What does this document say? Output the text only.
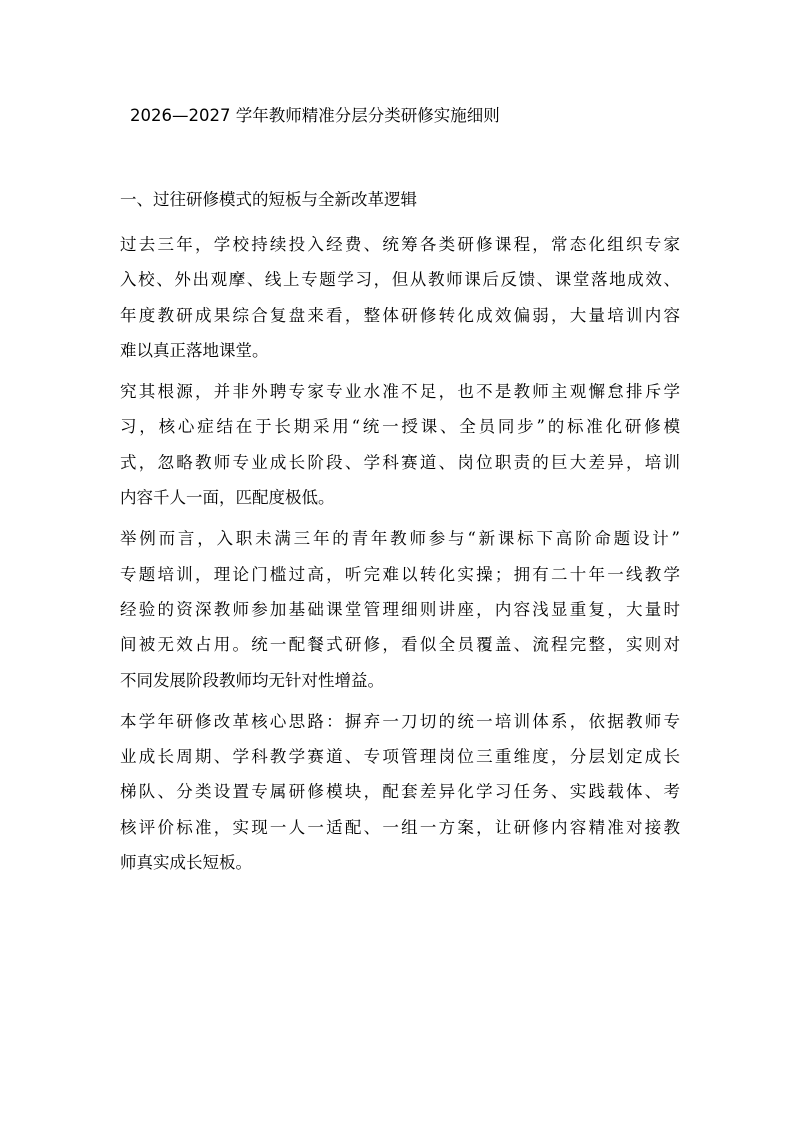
2026—2027 学年教师精准分层分类研修实施细则
一、过往研修模式的短板与全新改革逻辑

过去三年，学校持续投入经费、统筹各类研修课程，常态化组织专家
入校、外出观摩、线上专题学习，但从教师课后反馈、课堂落地成效、
年度教研成果综合复盘来看，整体研修转化成效偏弱，大量培训内容
难以真正落地课堂。

究其根源，并非外聘专家专业水准不足，也不是教师主观懈怠排斥学
习，核心症结在于长期采用“统一授课、全员同步”的标准化研修模
式，忽略教师专业成长阶段、学科赛道、岗位职责的巨大差异，培训
内容千人一面，匹配度极低。

举例而言，入职未满三年的青年教师参与“新课标下高阶命题设计”
专题培训，理论门槛过高，听完难以转化实操；拥有二十年一线教学
经验的资深教师参加基础课堂管理细则讲座，内容浅显重复，大量时
间被无效占用。统一配餐式研修，看似全员覆盖、流程完整，实则对
不同发展阶段教师均无针对性增益。

本学年研修改革核心思路：摒弃一刀切的统一培训体系，依据教师专
业成长周期、学科教学赛道、专项管理岗位三重维度，分层划定成长
梯队、分类设置专属研修模块，配套差异化学习任务、实践载体、考
核评价标准，实现一人一适配、一组一方案，让研修内容精准对接教
师真实成长短板。
